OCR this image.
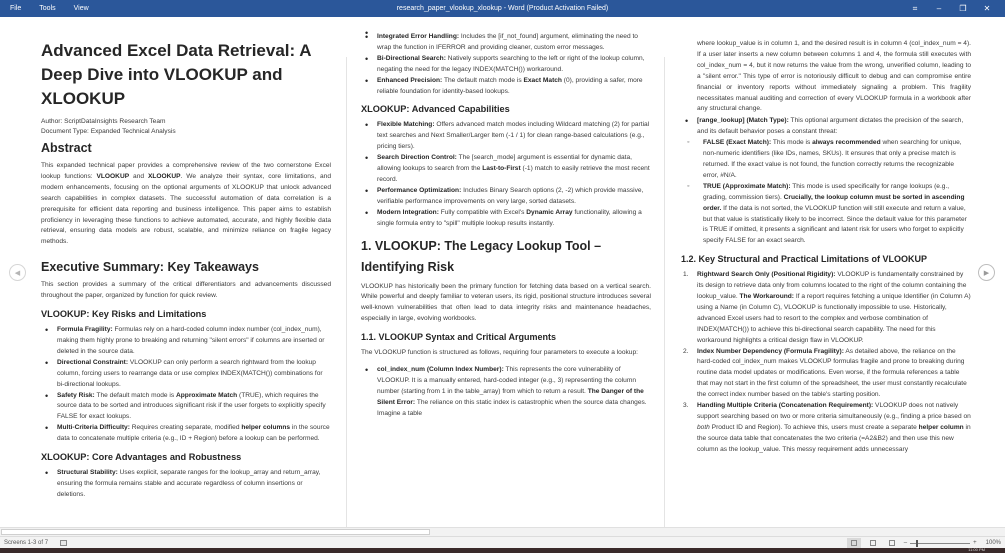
File	Tools	View	research_paper_vlookup_xlookup - Word (Product Activation Failed)	⌗	–	❐	✕
Advanced Excel Data Retrieval: A Deep Dive into VLOOKUP and XLOOKUP
Author: ScriptDataInsights Research Team
Document Type: Expanded Technical Analysis
Abstract

This expanded technical paper provides a comprehensive review of the two cornerstone Excel lookup functions: VLOOKUP and XLOOKUP. We analyze their syntax, core limitations, and modern enhancements, focusing on the optional arguments of XLOOKUP that unlock advanced search capabilities in complex datasets. The successful automation of data correlation is a prerequisite for efficient data reporting and business intelligence. This paper aims to establish proficiency in leveraging these functions to achieve automated, accurate, and highly flexible data retrieval, ensuring data models are robust, scalable, and minimize reliance on fragile legacy methods.

Executive Summary: Key Takeaways

This section provides a summary of the critical differentiators and advancements discussed throughout the paper, organized by function for quick review.

VLOOKUP: Key Risks and Limitations
• Formula Fragility: Formulas rely on a hard-coded column index number (col_index_num), making them highly prone to breaking and returning "silent errors" if columns are inserted or deleted in the source data.
• Directional Constraint: VLOOKUP can only perform a search rightward from the lookup column, forcing users to rearrange data or use complex INDEX(MATCH()) combinations for bi-directional lookups.
• Safety Risk: The default match mode is Approximate Match (TRUE), which requires the source data to be sorted and introduces significant risk if the user forgets to explicitly specify FALSE for exact lookups.
• Multi-Criteria Difficulty: Requires creating separate, modified helper columns in the source data to concatenate multiple criteria (e.g., ID + Region) before a lookup can be performed.
XLOOKUP: Core Advantages and Robustness
• Structural Stability: Uses explicit, separate ranges for the lookup_array and return_array, ensuring the formula remains stable and accurate regardless of column insertions or deletions.
• Integrated Error Handling: Includes the [if_not_found] argument, eliminating the need to wrap the function in IFERROR and providing cleaner, custom error messages.
• Bi-Directional Search: Natively supports searching to the left or right of the lookup column, negating the need for the legacy INDEX(MATCH()) workaround.
• Enhanced Precision: The default match mode is Exact Match (0), providing a safer, more reliable foundation for identity-based lookups.
XLOOKUP: Advanced Capabilities
• Flexible Matching: Offers advanced match modes including Wildcard matching (2) for partial text searches and Next Smaller/Larger Item (-1 / 1) for clean range-based calculations (e.g., pricing tiers).
• Search Direction Control: The [search_mode] argument is essential for dynamic data, allowing lookups to search from the Last-to-First (-1) match to easily retrieve the most recent record.
• Performance Optimization: Includes Binary Search options (2, -2) which provide massive, verifiable performance improvements on very large, sorted datasets.
• Modern Integration: Fully compatible with Excel's Dynamic Array functionality, allowing a single formula entry to "spill" multiple lookup results instantly.
1. VLOOKUP: The Legacy Lookup Tool – Identifying Risk

VLOOKUP has historically been the primary function for fetching data based on a vertical search. While powerful and deeply familiar to veteran users, its rigid, positional structure introduces several well-known vulnerabilities that often lead to data integrity risks and maintenance headaches, especially in large, evolving workbooks.

1.1. VLOOKUP Syntax and Critical Arguments

The VLOOKUP function is structured as follows, requiring four parameters to execute a lookup:

• col_index_num (Column Index Number): This represents the core vulnerability of VLOOKUP. It is a manually entered, hard-coded integer (e.g., 3) representing the column number (starting from 1 in the table_array) from which to return a result. The Danger of the Silent Error: The reliance on this static index is catastrophic when the source data changes. Imagine a table

where lookup_value is in column 1, and the desired result is in column 4 (col_index_num = 4). If a user later inserts a new column between columns 1 and 4, the formula still executes with col_index_num = 4, but it now returns the value from the wrong, unverified column, leading to a "silent error." This type of error is notoriously difficult to debug and can compromise entire financial or inventory reports without immediately signaling a problem. This fragility necessitates manual auditing and correction of every VLOOKUP formula in a workbook after any structural change.

• [range_lookup] (Match Type): This optional argument dictates the precision of the search, and its default behavior poses a constant threat:
◦ FALSE (Exact Match): This mode is always recommended when searching for unique, non-numeric identifiers (like IDs, names, SKUs). It ensures that only a precise match is returned. If the exact value is not found, the function correctly returns the recognizable error, #N/A.
◦ TRUE (Approximate Match): This mode is used specifically for range lookups (e.g., grading, commission tiers). Crucially, the lookup column must be sorted in ascending order. If the data is not sorted, the VLOOKUP function will still execute and return a value, but that value is statistically likely to be incorrect. Since the default value for this parameter is TRUE if omitted, it presents a significant and latent risk for users who forget to explicitly specify FALSE for an exact search.
1.2. Key Structural and Practical Limitations of VLOOKUP
1. Rightward Search Only (Positional Rigidity): VLOOKUP is fundamentally constrained by its design to retrieve data only from columns located to the right of the column containing the lookup_value. The Workaround: If a report requires fetching a unique Identifier (in Column A) using a Name (in Column C), VLOOKUP is functionally impossible to use. Historically, advanced Excel users had to resort to the complex and verbose combination of INDEX(MATCH()) to achieve this bi-directional search capability. The need for this workaround highlights a critical design flaw in VLOOKUP.
2. Index Number Dependency (Formula Fragility): As detailed above, the reliance on the hard-coded col_index_num makes VLOOKUP formulas fragile and prone to breaking during routine data model updates or modifications. Even worse, if the formula references a table that may not start in the first column of the spreadsheet, the user must constantly recalculate the correct index number based on the table's starting position.
3. Handling Multiple Criteria (Concatenation Requirement): VLOOKUP does not natively support searching based on two or more criteria simultaneously (e.g., finding a price based on both Product ID and Region). To achieve this, users must create a separate helper column in the source data table that concatenates the two criteria (=A2&B2) and then use this new column as the lookup_value. This messy requirement adds unnecessary
◀	▶
Screens 1-3 of 7	–	+ 100%
11:00 PM
